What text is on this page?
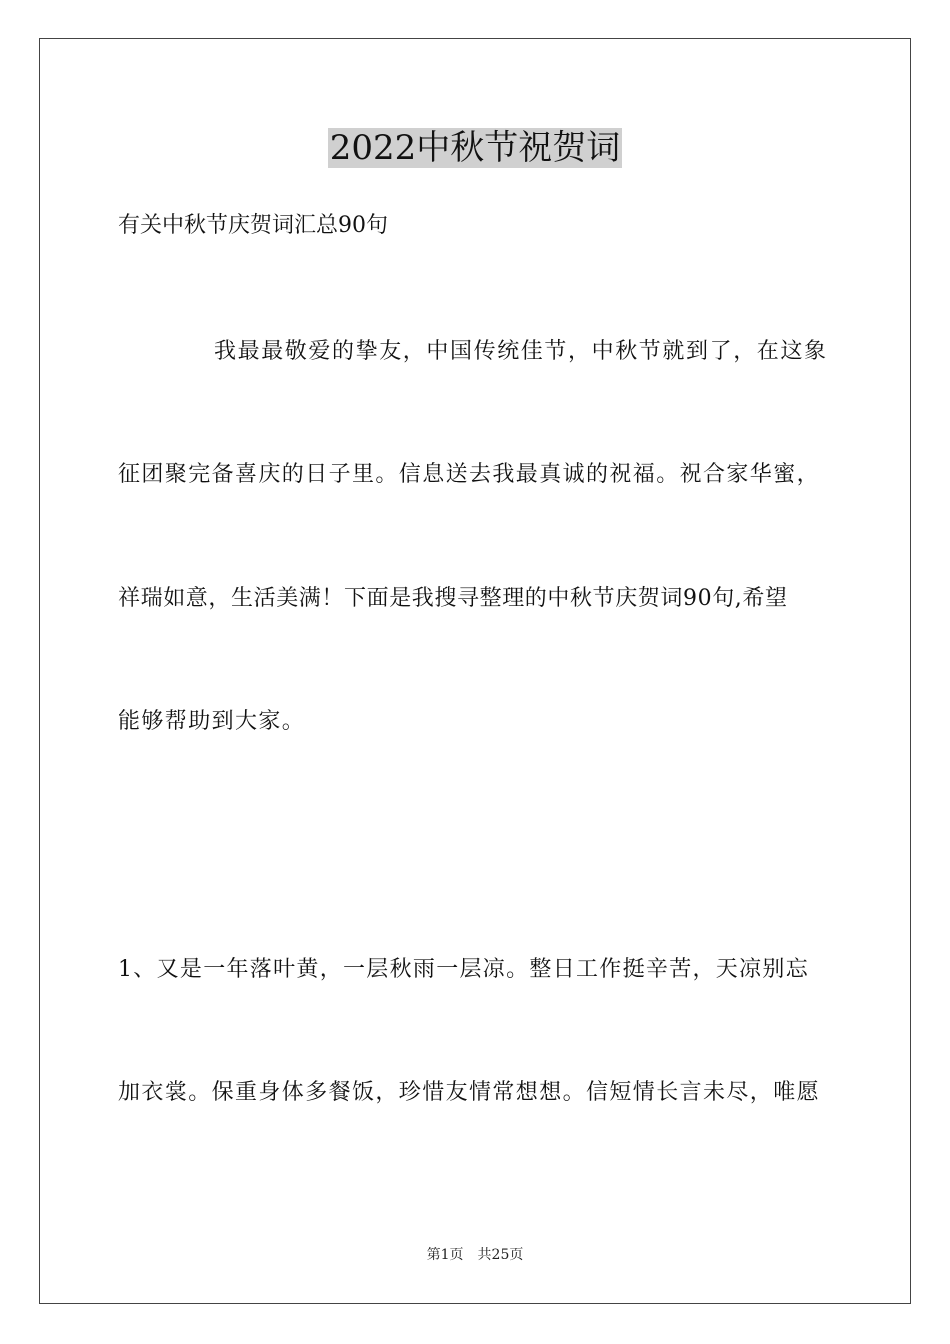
2022中秋节祝贺词

有关中秋节庆贺词汇总90句

我最最敬爱的挚友，中国传统佳节，中秋节就到了，在这象

征团聚完备喜庆的日子里。信息送去我最真诚的祝福。祝合家华蜜，

祥瑞如意，生活美满！下面是我搜寻整理的中秋节庆贺词90句,希望

能够帮助到大家。

1、又是一年落叶黄，一层秋雨一层凉。整日工作挺辛苦，天凉别忘

加衣裳。保重身体多餐饭，珍惜友情常想想。信短情长言未尽，唯愿

第1页 共25页
